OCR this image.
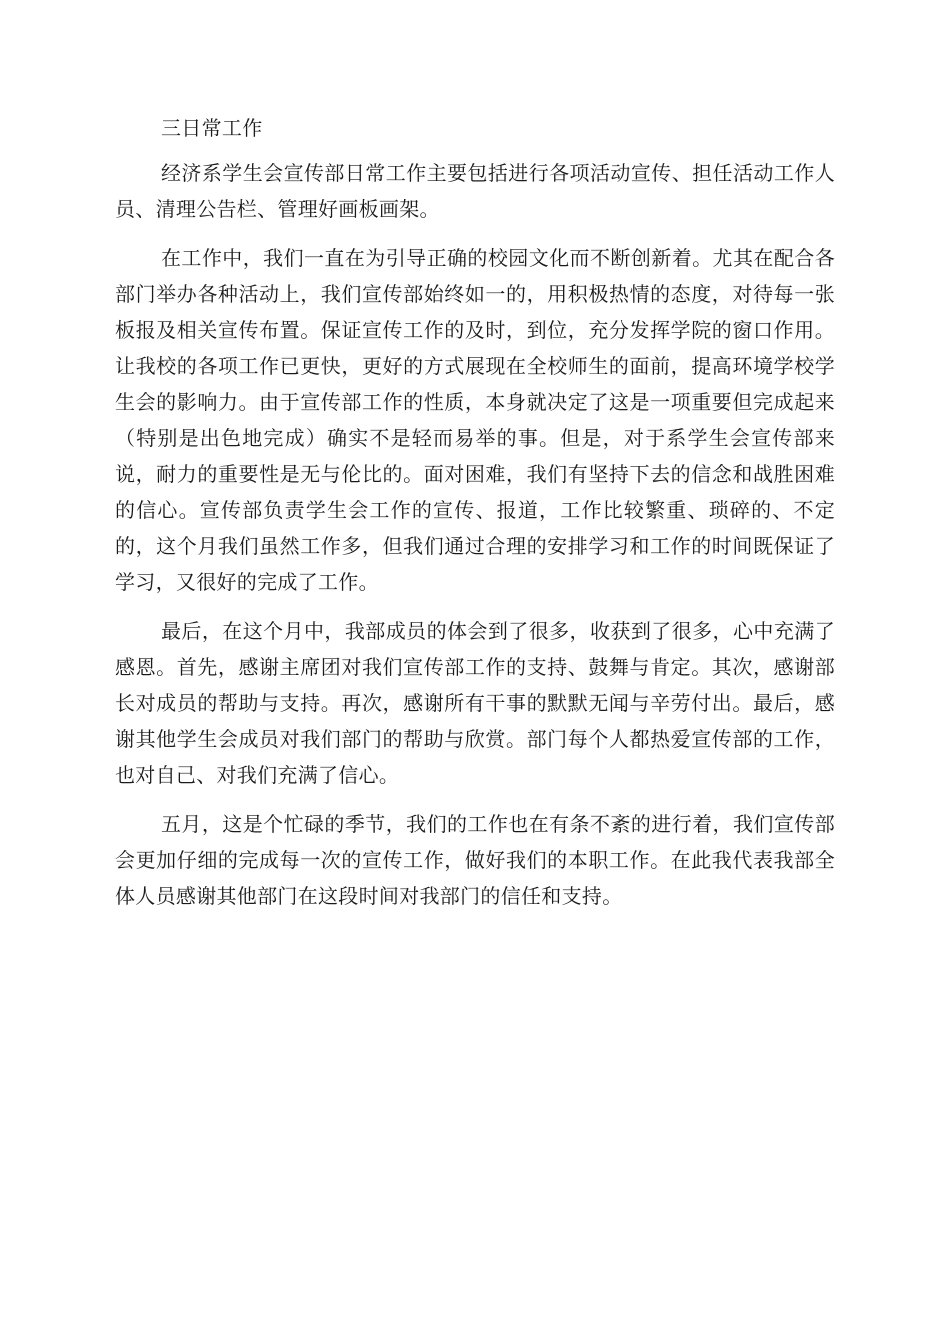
三日常工作

经济系学生会宣传部日常工作主要包括进行各项活动宣传、担任活动工作人员、清理公告栏、管理好画板画架。

在工作中，我们一直在为引导正确的校园文化而不断创新着。尤其在配合各部门举办各种活动上，我们宣传部始终如一的，用积极热情的态度，对待每一张板报及相关宣传布置。保证宣传工作的及时，到位，充分发挥学院的窗口作用。让我校的各项工作已更快，更好的方式展现在全校师生的面前，提高环境学校学生会的影响力。由于宣传部工作的性质，本身就决定了这是一项重要但完成起来（特别是出色地完成）确实不是轻而易举的事。但是，对于系学生会宣传部来说，耐力的重要性是无与伦比的。面对困难，我们有坚持下去的信念和战胜困难的信心。宣传部负责学生会工作的宣传、报道，工作比较繁重、琐碎的、不定的，这个月我们虽然工作多，但我们通过合理的安排学习和工作的时间既保证了学习，又很好的完成了工作。

最后，在这个月中，我部成员的体会到了很多，收获到了很多，心中充满了感恩。首先，感谢主席团对我们宣传部工作的支持、鼓舞与肯定。其次，感谢部长对成员的帮助与支持。再次，感谢所有干事的默默无闻与辛劳付出。最后，感谢其他学生会成员对我们部门的帮助与欣赏。部门每个人都热爱宣传部的工作，也对自己、对我们充满了信心。

五月，这是个忙碌的季节，我们的工作也在有条不紊的进行着，我们宣传部会更加仔细的完成每一次的宣传工作，做好我们的本职工作。在此我代表我部全体人员感谢其他部门在这段时间对我部门的信任和支持。
